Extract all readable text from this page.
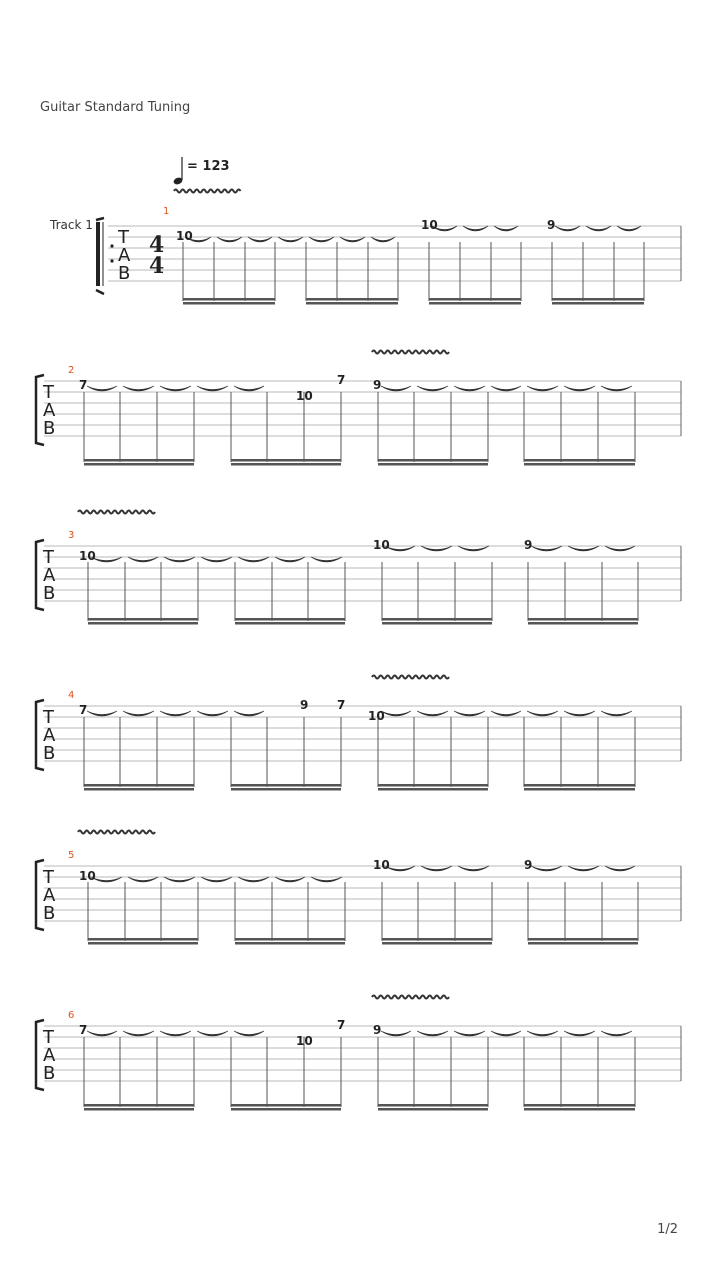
Guitar Standard Tuning
1/2
T
A
B
4
4
Track 1
1
= 123
10
10	9
T
A
B
2
7
10
7 9
T
A
B
3
10
10	9
T
A
B
4
7	9 7
10
T
A
B
5
10
10	9
T
A
B
6
7
10
7 9
